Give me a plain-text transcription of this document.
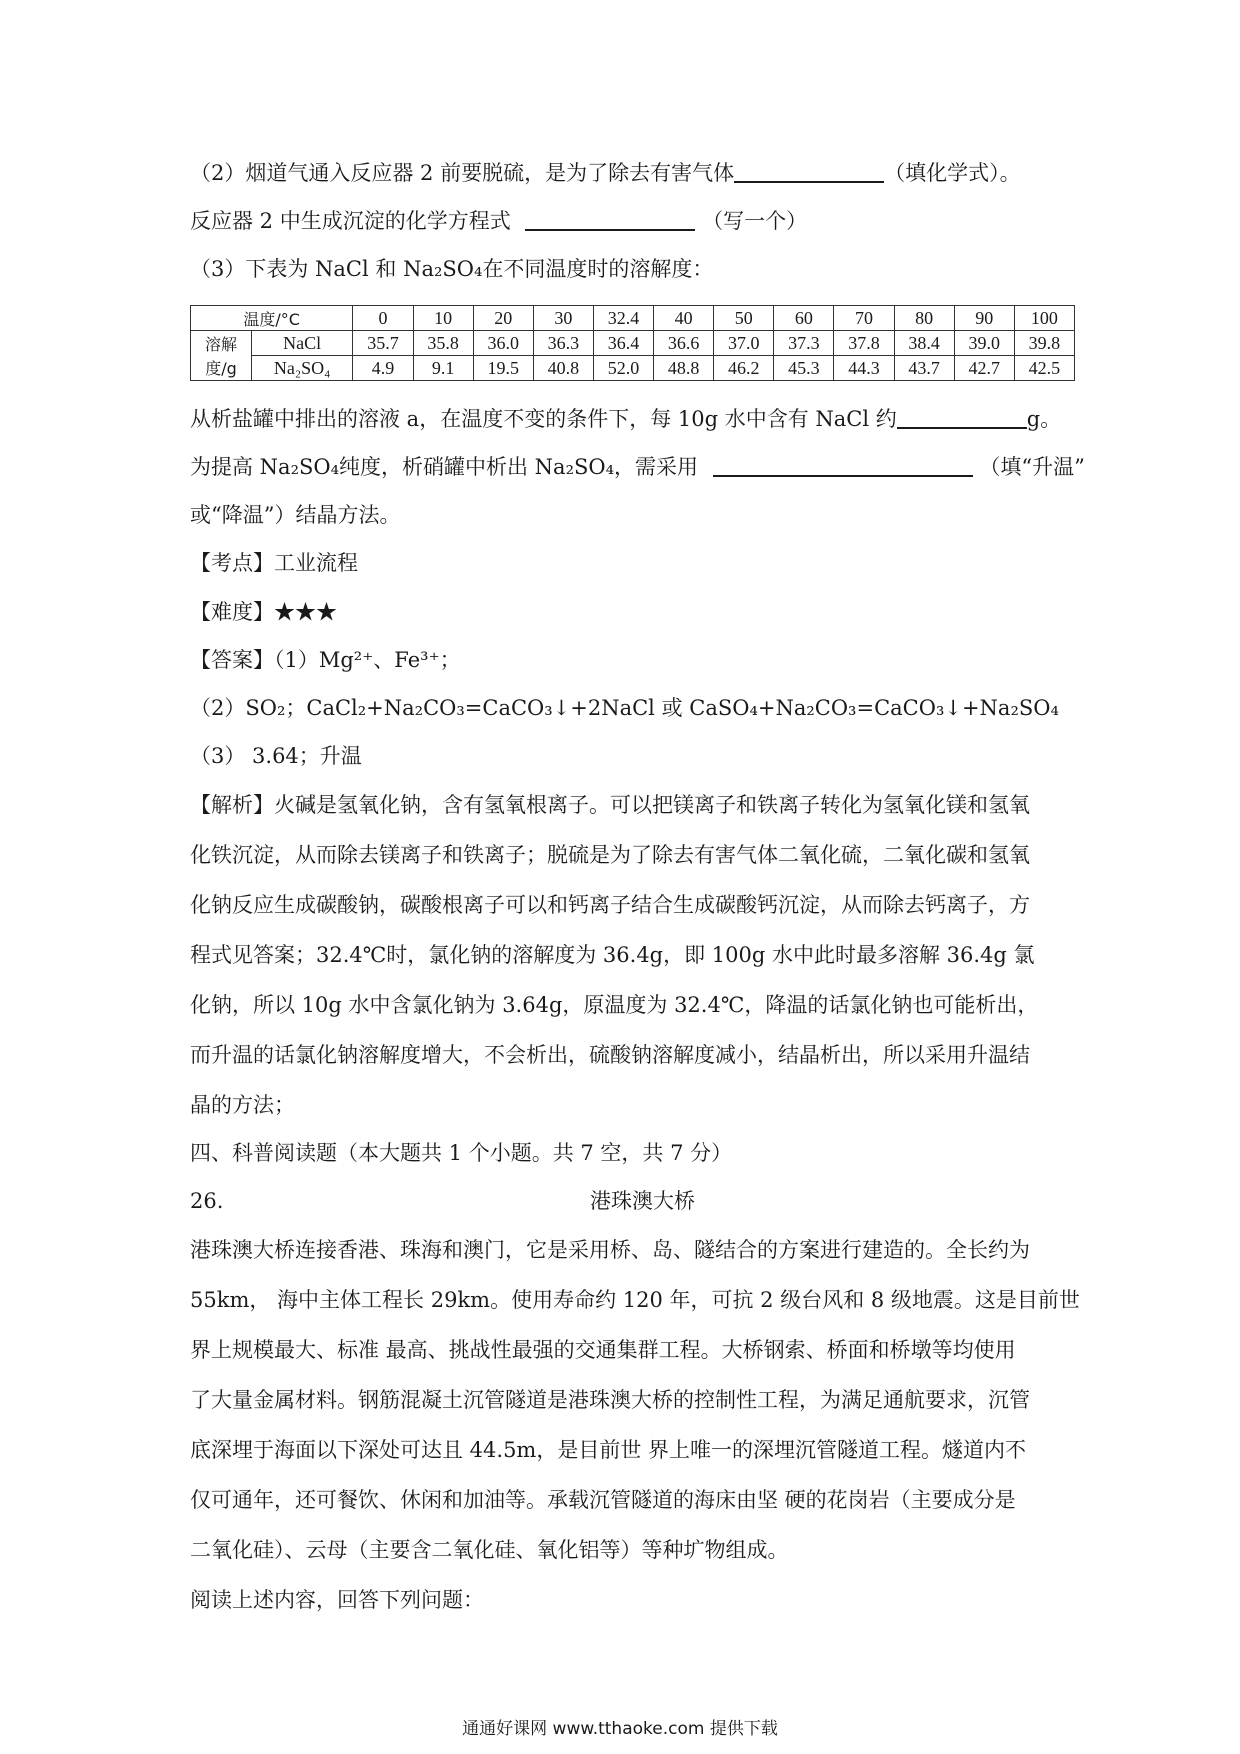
（2）烟道气通入反应器 2 前要脱硫，是为了除去有害气体	（填化学式）。
反应器 2 中生成沉淀的化学方程式	（写一个）
（3）下表为 NaCl 和 Na₂SO₄在不同温度时的溶解度：
温度/°C		0	10	20	30	32.4	40	50	60	70	80	90	100
溶解	NaCl	35.7	35.8	36.0	36.3	36.4	36.6	37.0	37.3	37.8	38.4	39.0	39.8
度/g	Na₂SO₄	4.9	9.1	19.5	40.8	52.0	48.8	46.2	45.3	44.3	43.7	42.7	42.5
从析盐罐中排出的溶液 a，在温度不变的条件下，每 10g 水中含有 NaCl 约	g。
为提高 Na₂SO₄纯度，析硝罐中析出 Na₂SO₄，需采用	（填“升温”
或“降温”）结晶方法。
【考点】工业流程
【难度】★★★
【答案】（1）Mg²⁺、Fe³⁺；
（2）SO₂；CaCl₂+Na₂CO₃=CaCO₃↓+2NaCl 或 CaSO₄+Na₂CO₃=CaCO₃↓+Na₂SO₄
（3） 3.64；升温
【解析】火碱是氢氧化钠，含有氢氧根离子。可以把镁离子和铁离子转化为氢氧化镁和氢氧
化铁沉淀，从而除去镁离子和铁离子；脱硫是为了除去有害气体二氧化硫，二氧化碳和氢氧
化钠反应生成碳酸钠，碳酸根离子可以和钙离子结合生成碳酸钙沉淀，从而除去钙离子，方
程式见答案；32.4℃时，氯化钠的溶解度为 36.4g，即 100g 水中此时最多溶解 36.4g 氯
化钠，所以 10g 水中含氯化钠为 3.64g，原温度为 32.4℃，降温的话氯化钠也可能析出，
而升温的话氯化钠溶解度增大，不会析出，硫酸钠溶解度减小，结晶析出，所以采用升温结
晶的方法；
四、科普阅读题（本大题共 1 个小题。共 7 空，共 7 分）
26.	港珠澳大桥
港珠澳大桥连接香港、珠海和澳门，它是采用桥、岛、隧结合的方案进行建造的。全长约为
55km， 海中主体工程长 29km。使用寿命约 120 年，可抗 2 级台风和 8 级地震。这是目前世
界上规模最大、标准 最高、挑战性最强的交通集群工程。大桥钢索、桥面和桥墩等均使用
了大量金属材料。钢筋混凝土沉管隧道是港珠澳大桥的控制性工程，为满足通航要求，沉管
底深埋于海面以下深处可达且 44.5m，是目前世 界上唯一的深埋沉管隧道工程。燧道内不
仅可通年，还可餐饮、休闲和加油等。承载沉管隧道的海床由坚 硬的花岗岩（主要成分是
二氧化硅）、云母（主要含二氧化硅、氧化铝等）等种圹物组成。
阅读上述内容，回答下列问题：
通通好课网 www.tthaoke.com 提供下载
